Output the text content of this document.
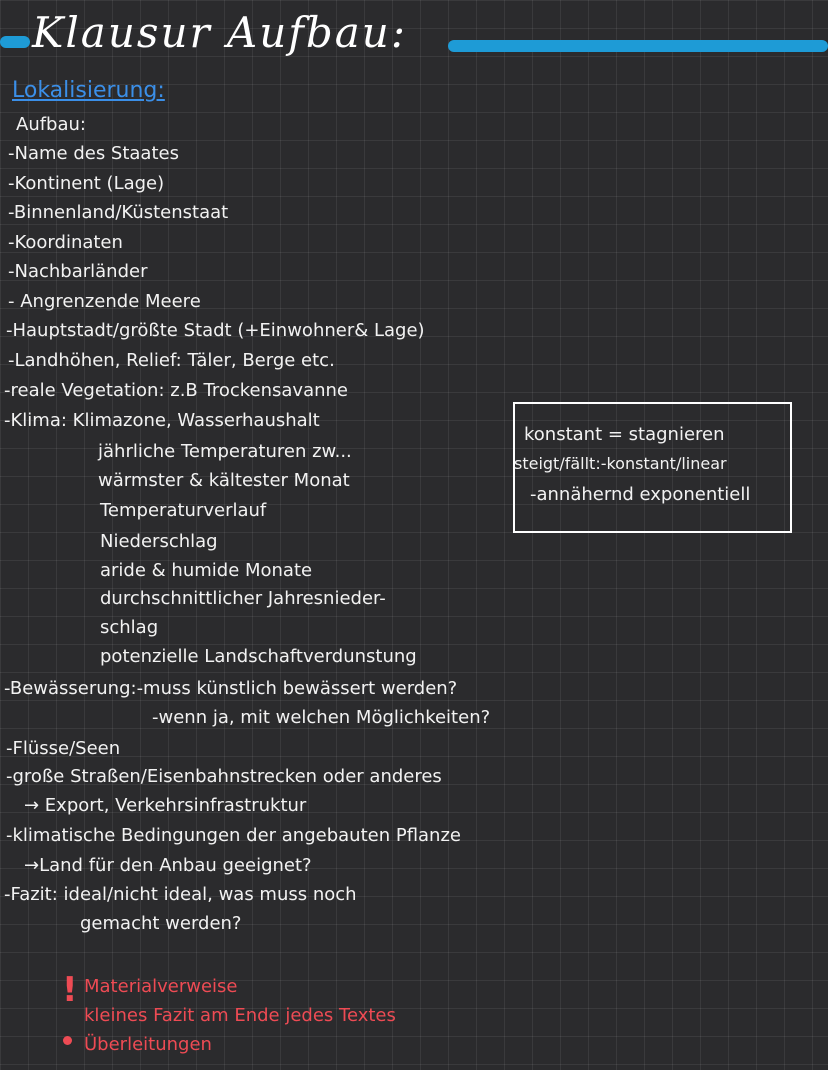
Klausur Aufbau:
Lokalisierung:
Aufbau:
-Name des Staates
-Kontinent (Lage)
-Binnenland/Küstenstaat
-Koordinaten
-Nachbarländer
- Angrenzende Meere
-Hauptstadt/größte Stadt (+Einwohner& Lage)
-Landhöhen, Relief: Täler, Berge etc.
-reale Vegetation: z.B Trockensavanne
-Klima: Klimazone, Wasserhaushalt
jährliche Temperaturen zw...
wärmster & kältester Monat
Temperaturverlauf
Niederschlag
aride & humide Monate
durchschnittlicher Jahresnieder-
schlag
potenzielle Landschaftverdunstung
-Bewässerung:-muss künstlich bewässert werden?
-wenn ja, mit welchen Möglichkeiten?
-Flüsse/Seen
-große Straßen/Eisenbahnstrecken oder anderes
→ Export, Verkehrsinfrastruktur
-klimatische Bedingungen der angebauten Pflanze
→Land für den Anbau geeignet?
-Fazit: ideal/nicht ideal, was muss noch
gemacht werden?
konstant = stagnieren
steigt/fällt:-konstant/linear
-annähernd exponentiell
! Materialverweise
kleines Fazit am Ende jedes Textes
Überleitungen
